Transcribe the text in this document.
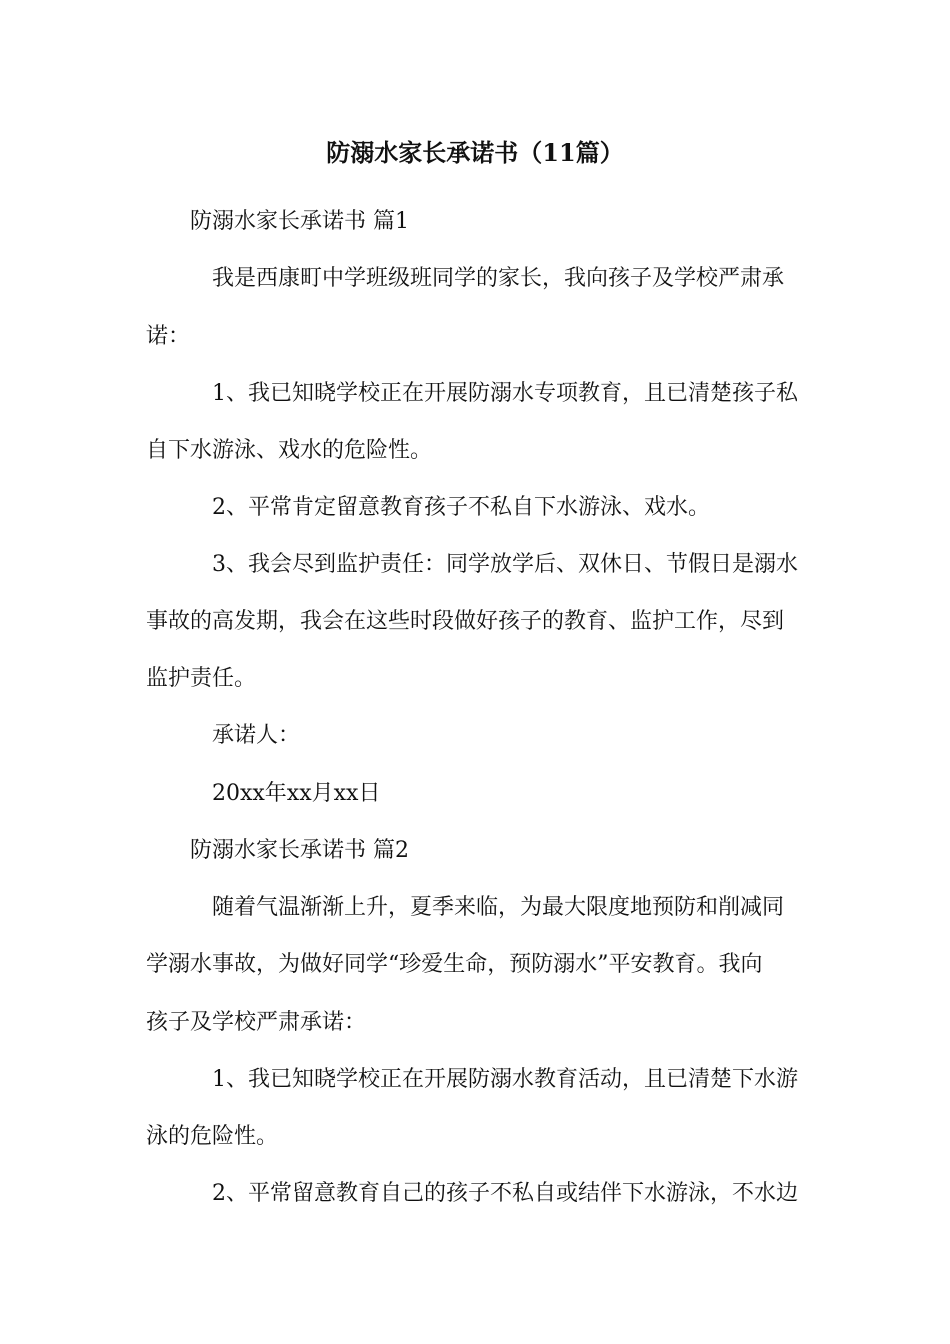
防溺水家长承诺书（11篇）
防溺水家长承诺书 篇1
我是西康町中学班级班同学的家长，我向孩子及学校严肃承
诺：
1、我已知晓学校正在开展防溺水专项教育，且已清楚孩子私
自下水游泳、戏水的危险性。
2、平常肯定留意教育孩子不私自下水游泳、戏水。
3、我会尽到监护责任：同学放学后、双休日、节假日是溺水
事故的高发期，我会在这些时段做好孩子的教育、监护工作，尽到
监护责任。
承诺人：
20xx年xx月xx日
防溺水家长承诺书 篇2
随着气温渐渐上升，夏季来临，为最大限度地预防和削减同
学溺水事故，为做好同学“珍爱生命，预防溺水”平安教育。我向
孩子及学校严肃承诺：
1、我已知晓学校正在开展防溺水教育活动，且已清楚下水游
泳的危险性。
2、平常留意教育自己的孩子不私自或结伴下水游泳，不水边
